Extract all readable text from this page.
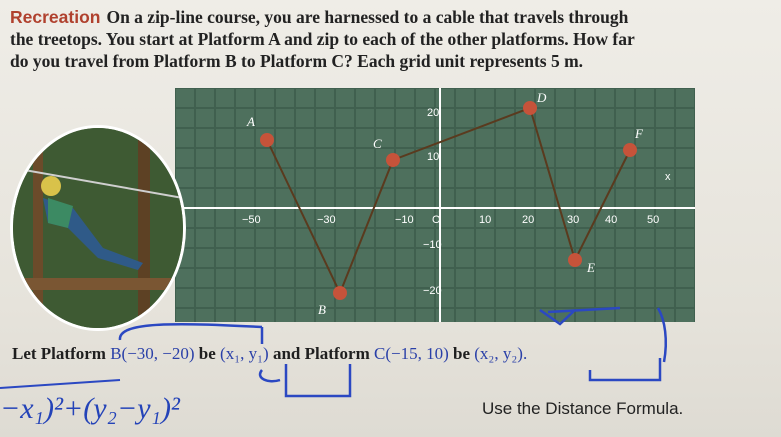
Recreation On a zip-line course, you are harnessed to a cable that travels through
the treetops. You start at Platform A and zip to each of the other platforms. How far
do you travel from Platform B to Platform C? Each grid unit represents 5 m.
−50	−30	−10 O	10	20	30 40	50
x
20
10
−10
−20
A
B
C
D
E
F
Let Platform B(−30, −20) be (x₁, y₁) and Platform C(−15, 10) be (x₂, y₂).
−x₁)²+(y₂−y₁)²	Use the Distance Formula.
